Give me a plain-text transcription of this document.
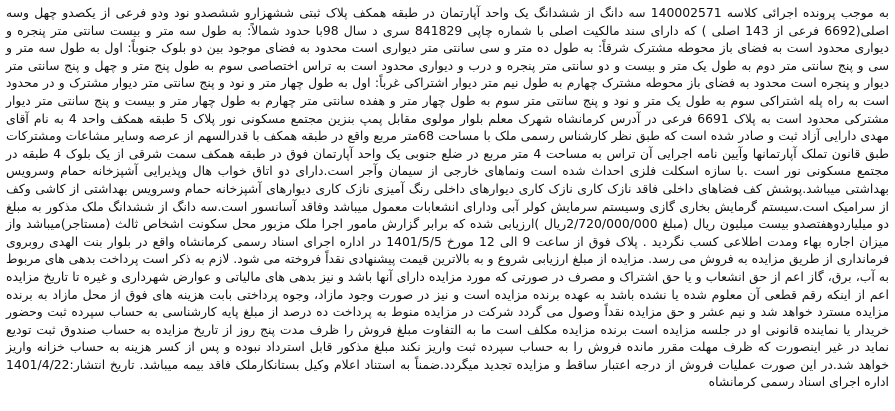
به موجب پرونده اجرائی کلاسه 140002571 سه دانگ از ششدانگ یک واحد آپارتمان در طبقه همکف پلاک ثبتی ششهزارو ششصدو نود ودو فرعی از یکصدو چهل وسه اصلی(6692 فرعی از 143 اصلی ) که دارای سند مالکیت اصلی با شماره چاپی 841829 سری د سال 98با حدود شمالاً: به طول سه متر و بیست سانتی متر پنجره و دیواری محدود است به فضای باز محوطه مشترک شرقاً: به طول ده متر و سی سانتی متر دیواری است محدود به فضای موجود بین دو بلوک جنوباً: اول به طول سه متر و سی و پنج سانتی متر دوم به طول یک متر و بیست و دو سانتی متر پنجره و درب و دیواری محدود است به تراس اختصاصی سوم به طول پنج متر و چهل و پنج سانتی متر دیوار و پنجره است محدود به فضای باز محوطه مشترک چهارم به طول نیم متر دیوار اشتراکی غرباً: اول به طول چهار متر و نود و پنج سانتی متر دیوار مشترک و در محدود است به راه پله اشتراکی سوم به طول یک متر و نود و پنج سانتی متر سوم به طول چهار متر و هفده سانتی متر چهارم به طول چهار متر و بیست و پنج سانتی متر دیوار مشترکی محدود است به پلاک 6691 فرعی در آدرس کرمانشاه شهرک معلم بلوار مولوی مقابل پمپ بنزین مجتمع مسکونی نور پلاک 5 طبقه همکف واحد 4 به نام آقای مهدی دارایی آزاد ثبت و صادر شده است که طبق نظر کارشناس رسمی ملک با مساحت 68متر مربع واقع در طبقه همکف با قدرالسهم از عرصه وسایر مشاعات ومشترکات طبق قانون تملک آپارتمانها وآیین نامه اجرایی آن تراس به مساحت 4 متر مربع در ضلع جنوبی یک واحد آپارتمان فوق در طبقه همکف سمت شرقی از یک بلوک 4 طبقه در مجتمع مسکونی نور است .با سازه اسکلت فلزی احداث شده است ونماهای خارجی از سیمان وآجر است.دارای دو اتاق خواب هال وپذیرایی آشپزخانه حمام وسرویس بهداشتی میباشد.پوشش کف فضاهای داخلی فاقد نازک کاری نازک کاری دیوارهای داخلی رنگ آمیزی نازک کاری دیوارهای آشپزخانه حمام وسرویس بهداشتی از کاشی وکف از سرامیک است.سیستم گرمایش بخاری گازی وسیستم سرمایش کولر آبی ودارای انشعابات معمول میباشد وفاقد آسانسور است.سه دانگ از ششدانگ ملک مذکور به مبلغ دو میلیاردوهفتصدو بیست میلیون ریال (مبلغ 2/720/000/000ریال )ارزیابی شده که برابر گزارش مامور اجرا ملک مزبور محل سکونت اشخاص ثالث (مستاجر)میباشد واز میزان اجاره بهاء ومدت اطلاعی کسب نگردید . پلاک فوق از ساعت 9 الی 12 مورخ 1401/5/5 در اداره اجرای اسناد رسمی کرمانشاه واقع در بلوار بنت الهدی روبروی فرمانداری از طریق مزایده به فروش می رسد. مزایده از مبلغ ارزیابی شروع و به بالاترین قیمت پیشنهادی نقداً فروخته می شود. لازم به ذکر است پرداخت بدهی های مربوط به آب، برق، گاز اعم از حق انشعاب و یا حق اشتراک و مصرف در صورتی که مورد مزایده دارای آنها باشد و نیز بدهی های مالیاتی و عوارض شهرداری و غیره تا تاریخ مزایده اعم از اینکه رقم قطعی آن معلوم شده یا نشده باشد به عهده برنده مزایده است و نیز در صورت وجود مازاد، وجوه پرداختی بابت هزینه های فوق از محل مازاد به برنده مزایده مسترد خواهد شد و نیم عشر و حق مزایده نقداً وصول می گردد شرکت در مزایده منوط به پرداخت ده درصد از مبلغ پایه کارشناسی به حساب سپرده ثبت وحضور خریدار یا نماینده قانونی او در جلسه مزایده است برنده مزایده مکلف است ما به التفاوت مبلغ فروش را ظرف مدت پنج روز از تاریخ مزایده به حساب صندوق ثبت تودیع نماید در غیر اینصورت که ظرف مهلت مقرر مانده فروش را به حساب سپرده ثبت واریز نکند مبلغ مذکور قابل استرداد نبوده و پس از کسر هزینه به حساب خزانه واریز خواهد شد.در این صورت عملیات فروش از درجه اعتبار ساقط و مزایده تجدید میگردد.ضمناً به استناد اعلام وکیل بستانکارملک فاقد بیمه میباشد. تاریخ انتشار:1401/4/22 اداره اجرای اسناد رسمی کرمانشاه
